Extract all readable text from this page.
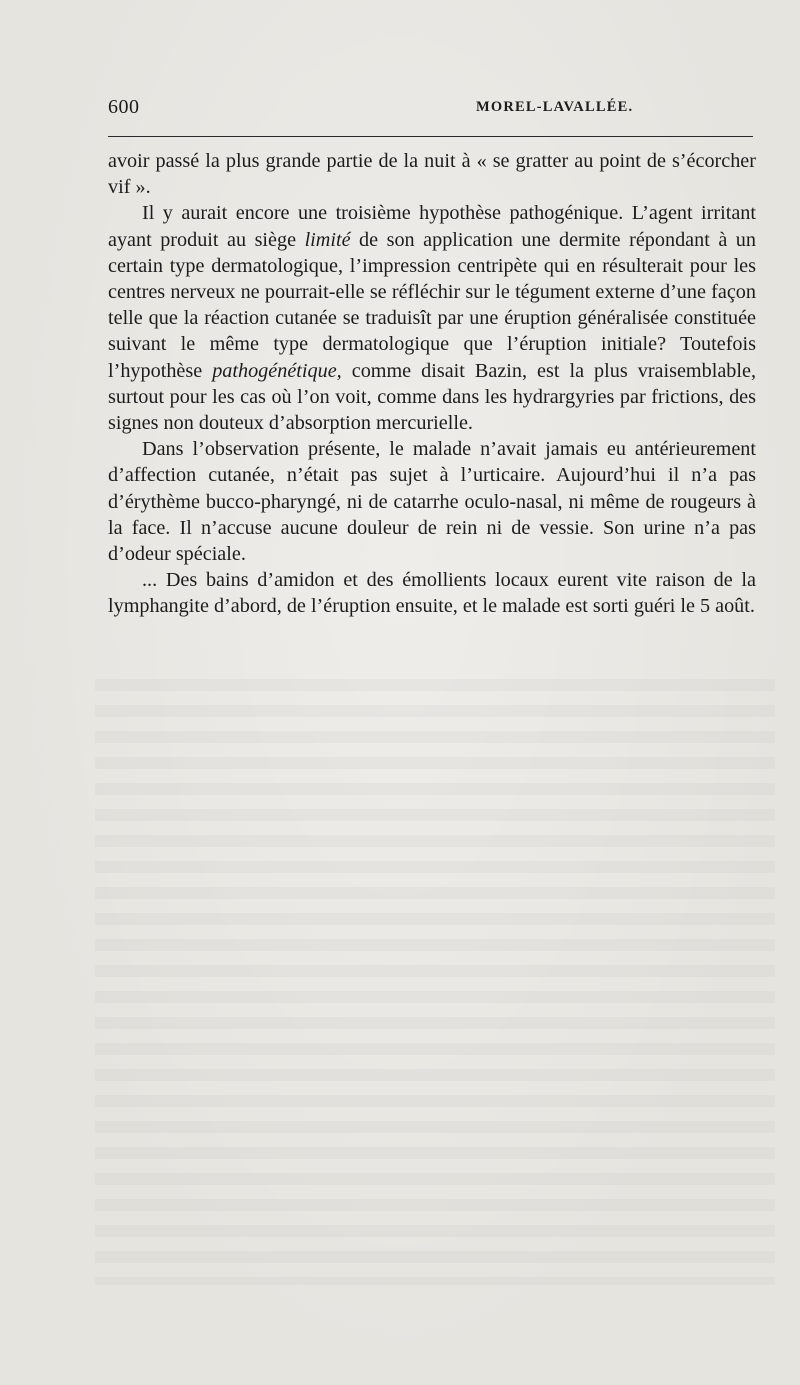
600	MOREL-LAVALLÉE.

avoir passé la plus grande partie de la nuit à « se gratter au point de s’écorcher vif ».

Il y aurait encore une troisième hypothèse pathogénique. L’agent irritant ayant produit au siège limité de son application une dermite répondant à un certain type dermatologique, l’impression centripète qui en résulterait pour les centres nerveux ne pourrait-elle se réfléchir sur le tégument externe d’une façon telle que la réaction cutanée se traduisît par une éruption généralisée constituée suivant le même type dermatologique que l’éruption initiale? Toutefois l’hypothèse pathogénétique, comme disait Bazin, est la plus vraisemblable, surtout pour les cas où l’on voit, comme dans les hydrargyries par frictions, des signes non douteux d’absorption mercurielle.

Dans l’observation présente, le malade n’avait jamais eu antérieurement d’affection cutanée, n’était pas sujet à l’urticaire. Aujourd’hui il n’a pas d’érythème bucco-pharyngé, ni de catarrhe oculo-nasal, ni même de rougeurs à la face. Il n’accuse aucune douleur de rein ni de vessie. Son urine n’a pas d’odeur spéciale.

... Des bains d’amidon et des émollients locaux eurent vite raison de la lymphangite d’abord, de l’éruption ensuite, et le malade est sorti guéri le 5 août.
